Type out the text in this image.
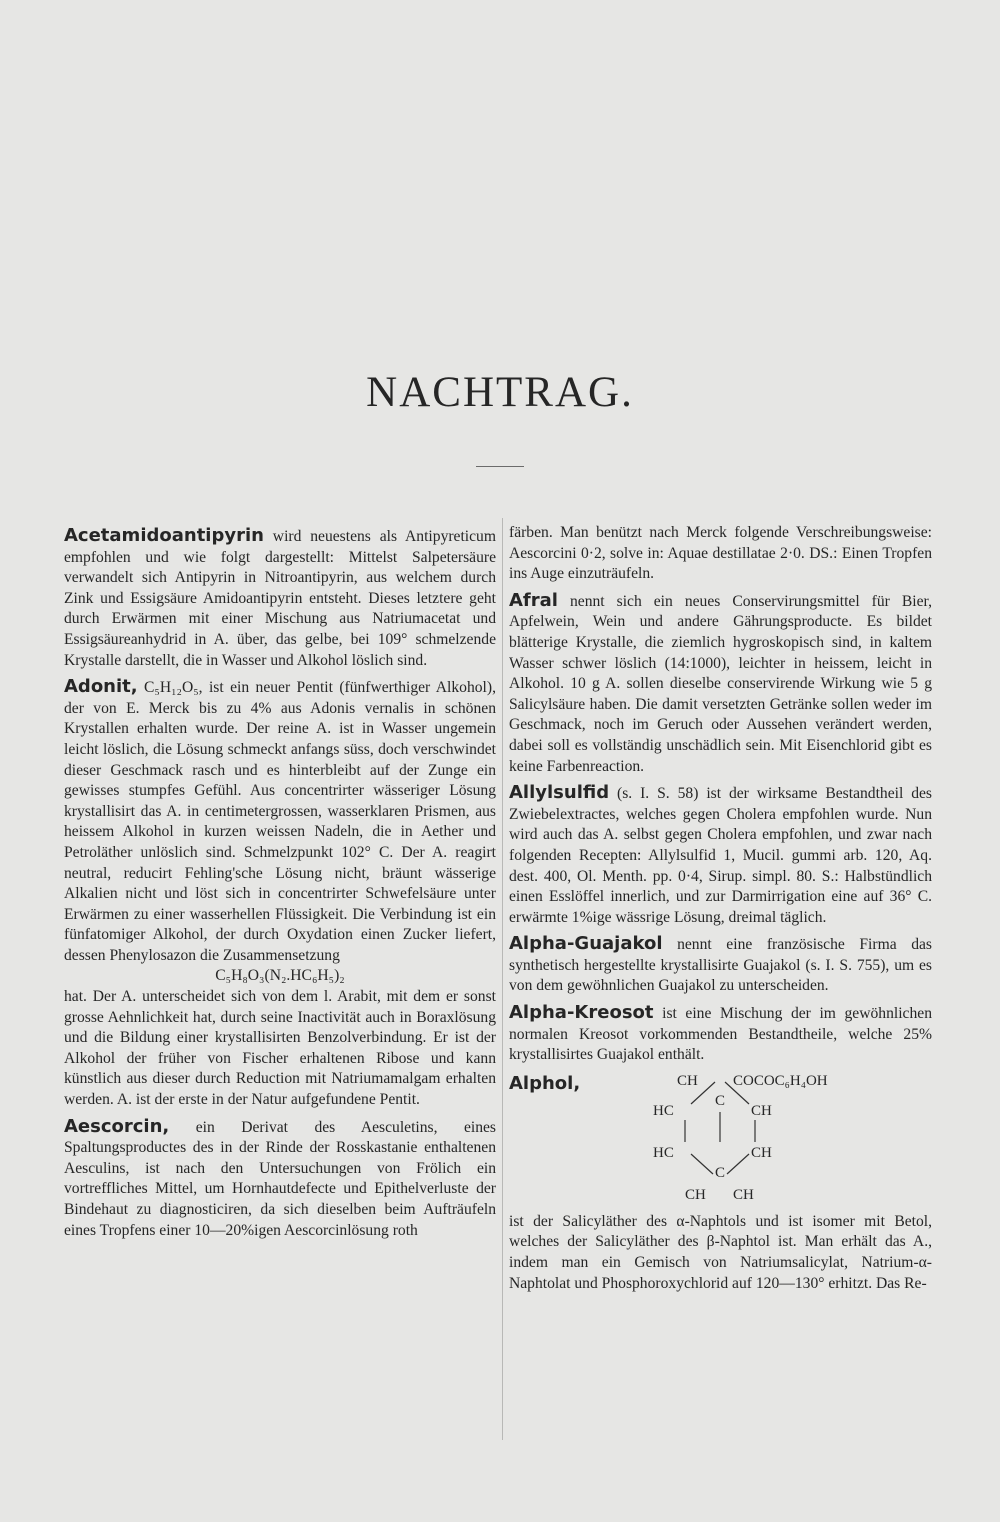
NACHTRAG.

Acetamidoantipyrin wird neuestens als Antipyreticum empfohlen und wie folgt dargestellt: Mittelst Salpetersäure verwandelt sich Antipyrin in Nitroantipyrin, aus welchem durch Zink und Essigsäure Amidoantipyrin entsteht. Dieses letztere geht durch Erwärmen mit einer Mischung aus Natriumacetat und Essigsäureanhydrid in A. über, das gelbe, bei 109° schmelzende Krystalle darstellt, die in Wasser und Alkohol löslich sind.

Adonit, C₅H₁₂O₅, ist ein neuer Pentit (fünfwerthiger Alkohol), der von E. Merck bis zu 4% aus Adonis vernalis in schönen Krystallen erhalten wurde. Der reine A. ist in Wasser ungemein leicht löslich, die Lösung schmeckt anfangs süss, doch verschwindet dieser Geschmack rasch und es hinterbleibt auf der Zunge ein gewisses stumpfes Gefühl. Aus concentrirter wässeriger Lösung krystallisirt das A. in centimetergrossen, wasserklaren Prismen, aus heissem Alkohol in kurzen weissen Nadeln, die in Aether und Petroläther unlöslich sind. Schmelzpunkt 102° C. Der A. reagirt neutral, reducirt Fehling'sche Lösung nicht, bräunt wässerige Alkalien nicht und löst sich in concentrirter Schwefelsäure unter Erwärmen zu einer wasserhellen Flüssigkeit. Die Verbindung ist ein fünfatomiger Alkohol, der durch Oxydation einen Zucker liefert, dessen Phenylosazon die Zusammensetzung

C₅H₈O₃(N₂.HC₆H₅)₂

hat. Der A. unterscheidet sich von dem l. Arabit, mit dem er sonst grosse Aehnlichkeit hat, durch seine Inactivität auch in Boraxlösung und die Bildung einer krystallisirten Benzolverbindung. Er ist der Alkohol der früher von Fischer erhaltenen Ribose und kann künstlich aus dieser durch Reduction mit Natriumamalgam erhalten werden. A. ist der erste in der Natur aufgefundene Pentit.

Aescorcin, ein Derivat des Aesculetins, eines Spaltungsproductes des in der Rinde der Rosskastanie enthaltenen Aesculins, ist nach den Untersuchungen von Frölich ein vortreffliches Mittel, um Hornhautdefecte und Epithelverluste der Bindehaut zu diagnosticiren, da sich dieselben beim Aufträufeln eines Tropfens einer 10—20%igen Aescorcinlösung roth

färben. Man benützt nach Merck folgende Verschreibungsweise: Aescorcini 0·2, solve in: Aquae destillatae 2·0. DS.: Einen Tropfen ins Auge einzuträufeln.

Afral nennt sich ein neues Conservirungsmittel für Bier, Apfelwein, Wein und andere Gährungsproducte. Es bildet blätterige Krystalle, die ziemlich hygroskopisch sind, in kaltem Wasser schwer löslich (14:1000), leichter in heissem, leicht in Alkohol. 10 g A. sollen dieselbe conservirende Wirkung wie 5 g Salicylsäure haben. Die damit versetzten Getränke sollen weder im Geschmack, noch im Geruch oder Aussehen verändert werden, dabei soll es vollständig unschädlich sein. Mit Eisenchlorid gibt es keine Farbenreaction.

Allylsulfid (s. I. S. 58) ist der wirksame Bestandtheil des Zwiebelextractes, welches gegen Cholera empfohlen wurde. Nun wird auch das A. selbst gegen Cholera empfohlen, und zwar nach folgenden Recepten: Allylsulfid 1, Mucil. gummi arb. 120, Aq. dest. 400, Ol. Menth. pp. 0·4, Sirup. simpl. 80. S.: Halbstündlich einen Esslöffel innerlich, und zur Darmirrigation eine auf 36° C. erwärmte 1%ige wässrige Lösung, dreimal täglich.

Alpha-Guajakol nennt eine französische Firma das synthetisch hergestellte krystallisirte Guajakol (s. I. S. 755), um es von dem gewöhnlichen Guajakol zu unterscheiden.

Alpha-Kreosot ist eine Mischung der im gewöhnlichen normalen Kreosot vorkommenden Bestandtheile, welche 25% krystallisirtes Guajakol enthält.

Alphol,	CH COCOC₆H₄OH
C
HC	CH
HC	CH
C
CH CH

ist der Salicyläther des α-Naphtols und ist isomer mit Betol, welches der Salicyläther des β-Naphtol ist. Man erhält das A., indem man ein Gemisch von Natriumsalicylat, Natrium-α-Naphtolat und Phosphoroxychlorid auf 120—130° erhitzt. Das Re-
